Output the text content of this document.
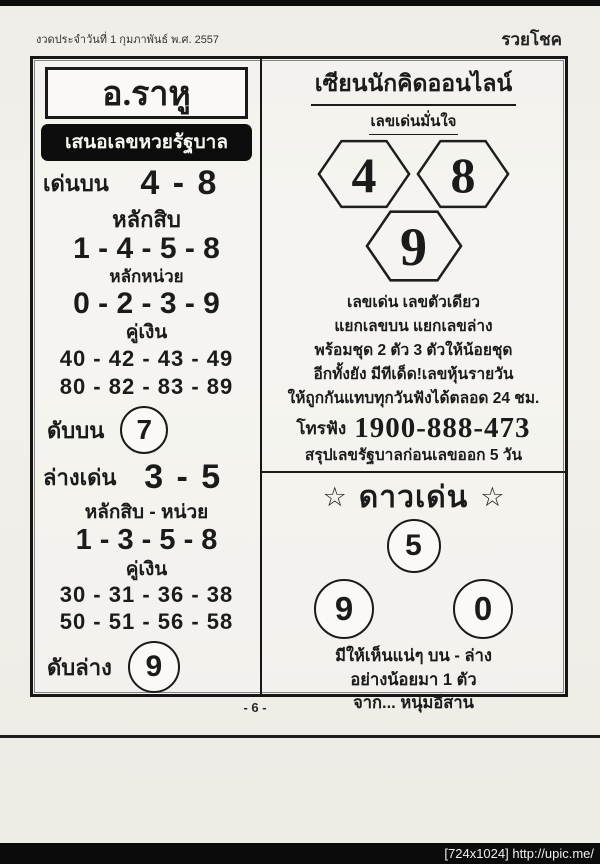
งวดประจำวันที่ 1 กุมภาพันธ์ พ.ศ. 2557	รวยโชค
อ.ราหู
เสนอเลขหวยรัฐบาล
เด่นบน 4 - 8
หลักสิบ
1 - 4 - 5 - 8
หลักหน่วย
0 - 2 - 3 - 9
คู่เงิน
40 - 42 - 43 - 49
80 - 82 - 83 - 89
ดับบน	7
ล่างเด่น 3 - 5
หลักสิบ - หน่วย
1 - 3 - 5 - 8
คู่เงิน
30 - 31 - 36 - 38
50 - 51 - 56 - 58
ดับล่าง	9
เซียนนักคิดออนไลน์
เลขเด่นมั่นใจ
4	8
9
เลขเด่น เลขตัวเดียว
แยกเลขบน แยกเลขล่าง
พร้อมชุด 2 ตัว 3 ตัวให้น้อยชุด
อีกทั้งยัง มีทีเด็ด!เลขหุ้นรายวัน
ให้ถูกกันแทบทุกวันฟังได้ตลอด 24 ชม.
โทรฟัง 1900-888-473
สรุปเลขรัฐบาลก่อนเลขออก 5 วัน
☆ ดาวเด่น ☆
5
9	0
มีให้เห็นแน่ๆ บน - ล่าง
อย่างน้อยมา 1 ตัว
จาก... หนุ่มอีสาน
- 6 -
[724x1024] http://upic.me/
